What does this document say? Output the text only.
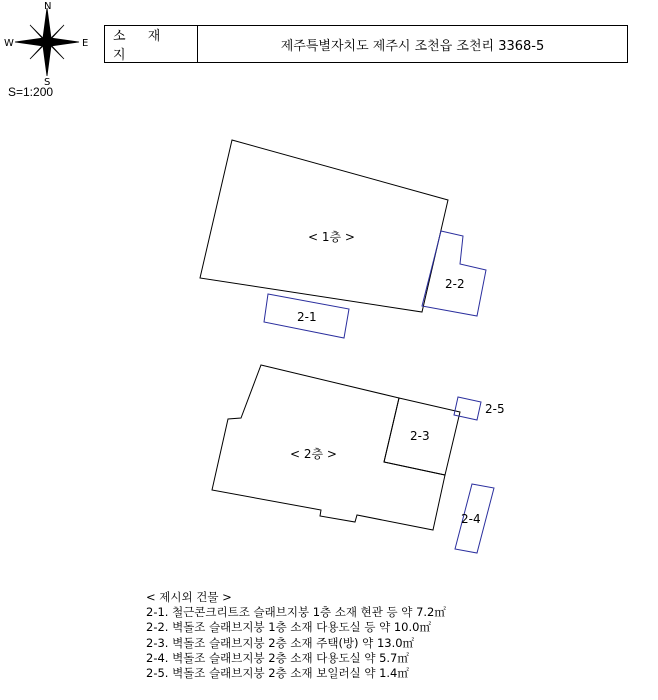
N
S
W	E
S=1:200
소 재 지
제주특별자치도 제주시 조천읍 조천리 3368-5
< 1층 >
2-1
2-2
< 2층 >
2-3
2-5
2-4
< 제시외 건물 >
2-1. 철근콘크리트조 슬래브지붕 1층 소재 현관 등 약 7.2㎡
2-2. 벽돌조 슬래브지붕 1층 소재 다용도실 등 약 10.0㎡
2-3. 벽돌조 슬래브지붕 2층 소재 주택(방) 약 13.0㎡
2-4. 벽돌조 슬래브지붕 2층 소재 다용도실 약 5.7㎡
2-5. 벽돌조 슬래브지붕 2층 소재 보일러실 약 1.4㎡
